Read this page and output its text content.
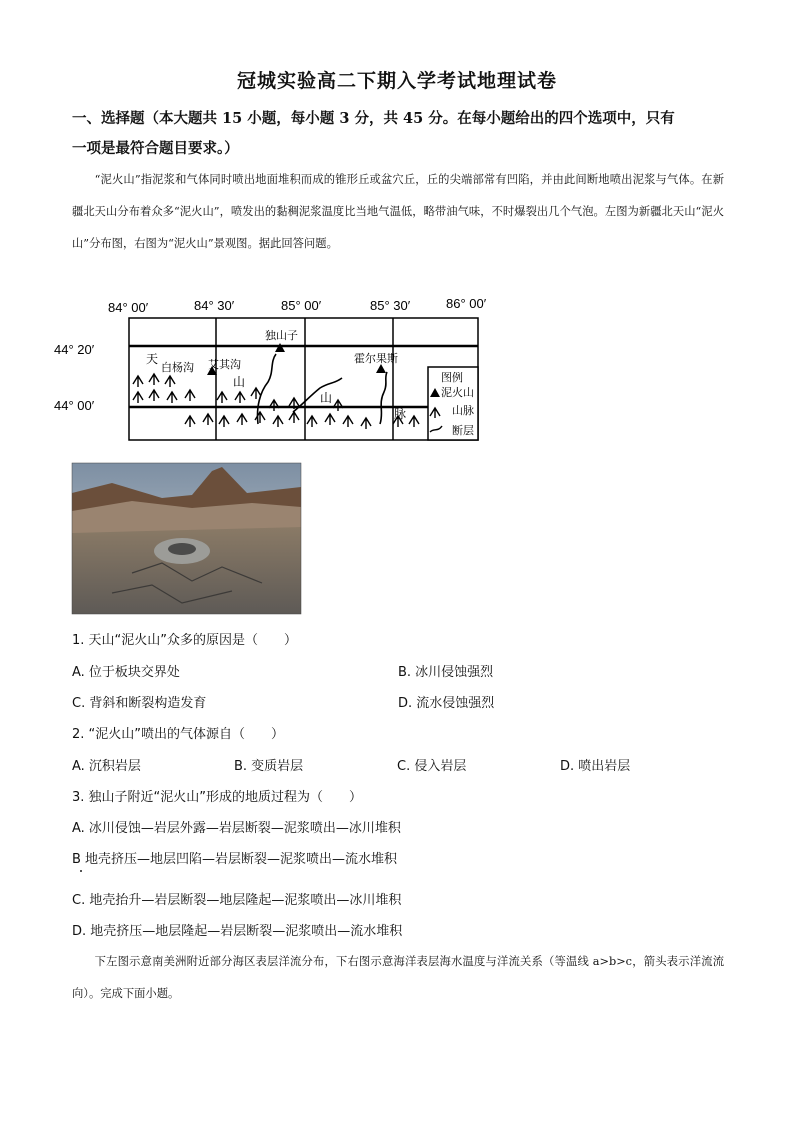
冠城实验高二下期入学考试地理试卷
一、选择题（本大题共 15 小题，每小题 3 分，共 45 分。在每小题给出的四个选项中，只有
一项是最符合题目要求。）
“泥火山”指泥浆和气体同时喷出地面堆积而成的锥形丘或盆穴丘，丘的尖端部常有凹陷，并由此间断地喷出泥浆与气体。在新疆北天山分布着众多“泥火山”，喷发出的黏稠泥浆温度比当地气温低，略带油气味，不时爆裂出几个气泡。左图为新疆北天山“泥火山”分布图，右图为“泥火山”景观图。据此回答问题。
84° 00′	84° 30′	85° 00′	85° 30′	86° 00′
44° 20′
44° 00′
独山子
霍尔果斯
白杨沟 艾其沟
天
山
山
脉
图例
泥火山
山脉
断层
1. 天山“泥火山”众多的原因是（　　）
A. 位于板块交界处	B. 冰川侵蚀强烈
C. 背斜和断裂构造发育	D. 流水侵蚀强烈
2. “泥火山”喷出的气体源自（　　）
A. 沉积岩层	B. 变质岩层	C. 侵入岩层	D. 喷出岩层
3. 独山子附近“泥火山”形成的地质过程为（　　）
A. 冰川侵蚀—岩层外露—岩层断裂—泥浆喷出—冰川堆积
B 地壳挤压—地层凹陷—岩层断裂—泥浆喷出—流水堆积
C. 地壳抬升—岩层断裂—地层隆起—泥浆喷出—冰川堆积
D. 地壳挤压—地层隆起—岩层断裂—泥浆喷出—流水堆积
下左图示意南美洲附近部分海区表层洋流分布，下右图示意海洋表层海水温度与洋流关系（等温线 a>b>c，箭头表示洋流流向）。完成下面小题。
